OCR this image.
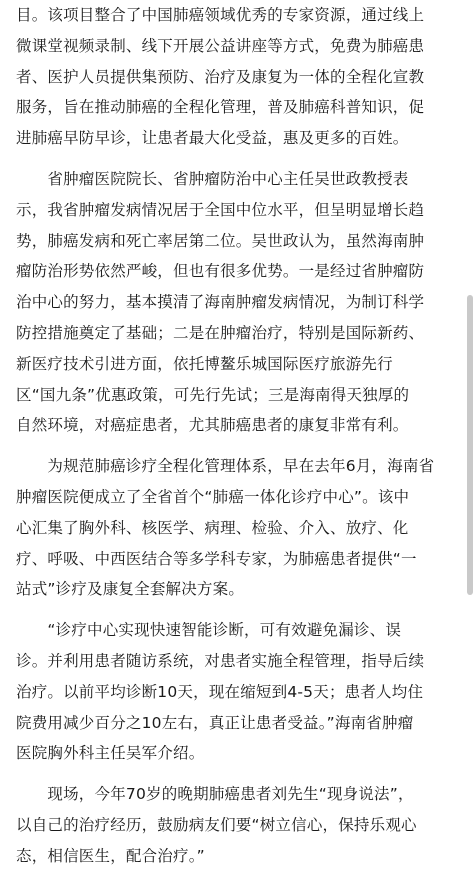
目。该项目整合了中国肺癌领域优秀的专家资源，通过线上
微课堂视频录制、线下开展公益讲座等方式，免费为肺癌患
者、医护人员提供集预防、治疗及康复为一体的全程化宣教
服务，旨在推动肺癌的全程化管理，普及肺癌科普知识，促
进肺癌早防早诊，让患者最大化受益，惠及更多的百姓。
　　省肿瘤医院院长、省肿瘤防治中心主任吴世政教授表
示，我省肿瘤发病情况居于全国中位水平，但呈明显增长趋
势，肺癌发病和死亡率居第二位。吴世政认为，虽然海南肿
瘤防治形势依然严峻，但也有很多优势。一是经过省肿瘤防
治中心的努力，基本摸清了海南肿瘤发病情况，为制订科学
防控措施奠定了基础；二是在肿瘤治疗，特别是国际新药、
新医疗技术引进方面，依托博鳌乐城国际医疗旅游先行
区“国九条”优惠政策，可先行先试；三是海南得天独厚的
自然环境，对癌症患者，尤其肺癌患者的康复非常有利。
　　为规范肺癌诊疗全程化管理体系，早在去年6月，海南省
肿瘤医院便成立了全省首个“肺癌一体化诊疗中心”。该中
心汇集了胸外科、核医学、病理、检验、介入、放疗、化
疗、呼吸、中西医结合等多学科专家，为肺癌患者提供“一
站式”诊疗及康复全套解决方案。
　　“诊疗中心实现快速智能诊断，可有效避免漏诊、误
诊。并利用患者随访系统，对患者实施全程管理，指导后续
治疗。以前平均诊断10天，现在缩短到4-5天；患者人均住
院费用减少百分之10左右，真正让患者受益。”海南省肿瘤
医院胸外科主任吴军介绍。
　　现场，今年70岁的晚期肺癌患者刘先生“现身说法”，
以自己的治疗经历，鼓励病友们要“树立信心，保持乐观心
态，相信医生，配合治疗。”
